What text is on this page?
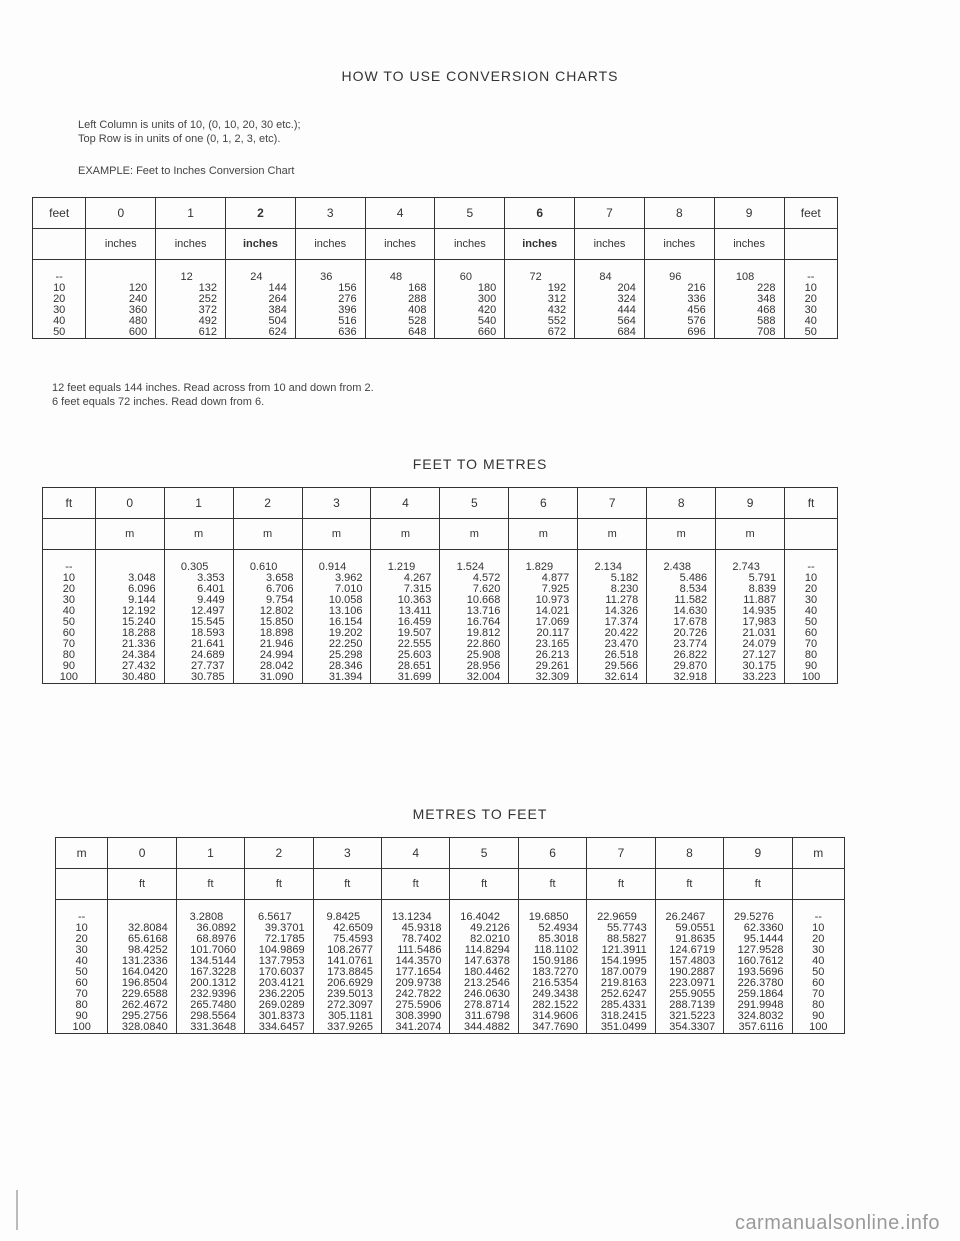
HOW TO USE CONVERSION CHARTS
Left Column is units of 10, (0, 10, 20, 30 etc.);
Top Row is in units of one (0, 1, 2, 3, etc).
EXAMPLE: Feet to Inches Conversion Chart
feet	0	1	2	3	4	5	6	7	8	9	feet
	inches	inches	inches	inches	inches	inches	inches	inches	inches	inches	
--		12	24	36	48	60	72	84	96	108	--
10	120	132	144	156	168	180	192	204	216	228	10
20	240	252	264	276	288	300	312	324	336	348	20
30	360	372	384	396	408	420	432	444	456	468	30
40	480	492	504	516	528	540	552	564	576	588	40
50	600	612	624	636	648	660	672	684	696	708	50
12 feet equals 144 inches. Read across from 10 and down from 2.
6 feet equals 72 inches. Read down from 6.
FEET TO METRES
ft	0	1	2	3	4	5	6	7	8	9	ft
	m	m	m	m	m	m	m	m	m	m	
--		0.305	0.610	0.914	1.219	1.524	1.829	2.134	2.438	2.743	--
10	3.048	3.353	3.658	3.962	4.267	4.572	4.877	5.182	5.486	5.791	10
20	6.096	6.401	6.706	7.010	7.315	7.620	7.925	8.230	8.534	8.839	20
30	9.144	9.449	9.754	10.058	10.363	10.668	10.973	11.278	11.582	11.887	30
40	12.192	12.497	12.802	13.106	13.411	13.716	14.021	14.326	14.630	14.935	40
50	15.240	15.545	15.850	16.154	16.459	16.764	17.069	17.374	17.678	17,983	50
60	18.288	18.593	18.898	19.202	19.507	19.812	20.117	20.422	20.726	21.031	60
70	21.336	21.641	21.946	22.250	22.555	22.860	23.165	23.470	23.774	24.079	70
80	24.384	24.689	24.994	25.298	25.603	25.908	26.213	26.518	26.822	27.127	80
90	27.432	27.737	28.042	28.346	28.651	28.956	29.261	29.566	29.870	30.175	90
100	30.480	30.785	31.090	31.394	31.699	32.004	32.309	32.614	32.918	33.223	100
METRES TO FEET
m	0	1	2	3	4	5	6	7	8	9	m
	ft	ft	ft	ft	ft	ft	ft	ft	ft	ft	
--		3.2808	6.5617	9.8425	13.1234	16.4042	19.6850	22.9659	26.2467	29.5276	--
10	32.8084	36.0892	39.3701	42.6509	45.9318	49.2126	52.4934	55.7743	59.0551	62.3360	10
20	65.6168	68.8976	72.1785	75.4593	78.7402	82.0210	85.3018	88.5827	91.8635	95.1444	20
30	98.4252	101.7060	104.9869	108.2677	111.5486	114.8294	118.1102	121.3911	124.6719	127.9528	30
40	131.2336	134.5144	137.7953	141.0761	144.3570	147.6378	150.9186	154.1995	157.4803	160.7612	40
50	164.0420	167.3228	170.6037	173.8845	177.1654	180.4462	183.7270	187.0079	190.2887	193.5696	50
60	196.8504	200.1312	203.4121	206.6929	209.9738	213.2546	216.5354	219.8163	223.0971	226.3780	60
70	229.6588	232.9396	236.2205	239.5013	242.7822	246.0630	249.3438	252.6247	255.9055	259.1864	70
80	262.4672	265.7480	269.0289	272.3097	275.5906	278.8714	282.1522	285.4331	288.7139	291.9948	80
90	295.2756	298.5564	301.8373	305.1181	308.3990	311.6798	314.9606	318.2415	321.5223	324.8032	90
100	328.0840	331.3648	334.6457	337.9265	341.2074	344.4882	347.7690	351.0499	354.3307	357.6116	100
carmanualsonline.info
